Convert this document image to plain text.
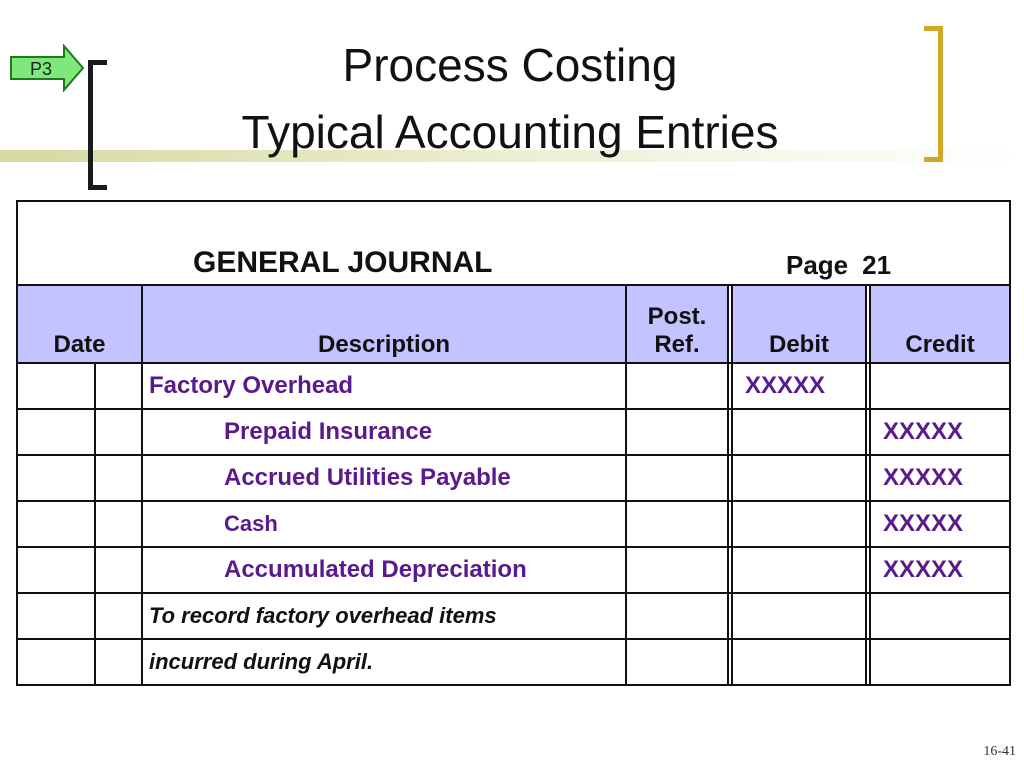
P3	Process Costing
Typical Accounting Entries
GENERAL JOURNAL Page 21							

Date		Description	Post.
Ref.		Debit		Credit
		Factory Overhead			XXXXX		
		Prepaid Insurance					XXXXX
		Accrued Utilities Payable					XXXXX
		Cash					XXXXX
		Accumulated Depreciation					XXXXX
		To record factory overhead items					
		incurred during April.					
16-41
